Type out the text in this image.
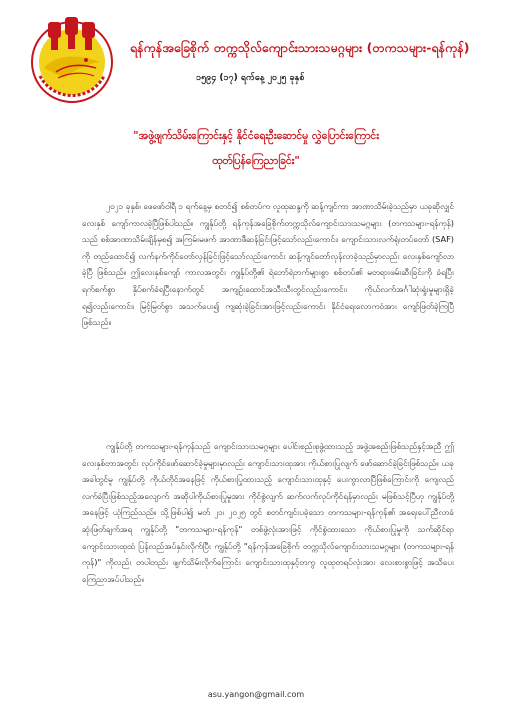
ရန်ကုန်အခြေစိုက် တက္ကသိုလ်ကျောင်းသားသမဂ္ဂများ (တကသများ-ရန်ကုန်)
၁၅၉၄ (၁၇) ရက်နေ့ ၂၀၂၅ ခုနှစ်
"အဖွဲ့ဖျက်သိမ်းကြောင်းနှင့် နိုင်ငံရေးဦးဆောင်မှု လွှဲပြောင်းကြောင်း
ထုတ်ပြန်ကြေညာခြင်း"
၂၀၂၁ ခုနှစ်၊ ဖေဖော်ဝါရီ ၁ ရက်နေ့မှ စတင်၍ စစ်တပ်က လူထုဆန္ဒကို ဆန့်ကျင်ကာ အာဏာသိမ်းခဲ့သည်မှာ ယခုဆိုလျှင် လေးနှစ် ကျော်ကာလခဲ့ပြီဖြစ်ပါသည်။ ကျွန်ုပ်တို့ ရန်ကုန်အခြေစိုက်တက္ကသိုလ်ကျောင်းသားသမဂ္ဂများ (တကသများ-ရန်ကုန်) သည် စစ်အာဏာသိမ်းချိန်မှစ၍ အကြမ်းမဖက် အာဏာဖီဆန်ခြင်းဖြင့်သော်လည်းကောင်း၊ ကျောင်းသားလက်ရုံးတပ်တော် (SAF) ကို တည်ထောင်၍ လက်နက်ကိုင်တော်လှန်ခြင်းဖြင့်သော်လည်းကောင်း ဆန့်ကျင်တော်လှန်လာခဲ့သည်မှာလည်း လေးနှစ်ကျော်လာခဲ့ပြီ ဖြစ်သည်။ ဤလေးနှစ်ကျော် ကာလအတွင်း ကျွန်ုပ်တို့၏ ရဲဘော်ရဲဘက်များစွာ စစ်တပ်၏ မတရားဖမ်းဆီးခြင်းကို ခံရပြီး ရက်စက်စွာ နှိပ်စက်ခံရပြီးနောက်တွင် အကျဉ်းထောင်အသီးသီးတွင်လည်းကောင်း၊ ကိုယ်လက်အင်္ဂါဆုံးရှုံးမှုများရှိခဲ့ရ၍လည်းကောင်း၊ မြင့်မြတ်စွာ အသက်ပေး၍ ကျဆုံးခဲ့ခြင်းအားဖြင့်လည်းကောင်း နိုင်ငံရေးလောကဝံအား ကျော်ဖြတ်ခဲ့ကြပြီ ဖြစ်သည်။
ကျွန်ုပ်တို့ တကသများ-ရန်ကုန်သည် ကျောင်းသားသမဂ္ဂများ ပေါင်းစည်းစုဖွဲ့ထားသည့် အဖွဲ့အစည်းဖြစ်သည်နှင့်အညီ ဤလေးနှစ်တာအတွင်း လုပ်ကိုင်ဖော်ဆောင်ခဲ့မှုများမှာလည်း ကျောင်းသားထုအား ကိုယ်စားပြုလျက် ဖော်ဆောင်ခဲ့ခြင်းဖြစ်သည်။ ယခုအခါတွင်မူ ကျွန်ုပ်တို့ ကိုယ်တိုင်အနေဖြင့် ကိုယ်စားပြုထားသည့် ကျောင်းသားထုနှင့် ပေးကွာလာပြီဖြစ်ကြောင်းကို ကျေလည်လက်ခံပြီးဖြစ်သည့်အလျောက် အဆိုပါကိုယ်စားပြုမှုအား ကိုင်စွဲလျက် ဆက်လက်လုပ်ကိုင်ရန်မှာလည်း မဖြစ်သင့်ပြီဟု ကျွန်ုပ်တို့အနေဖြင့် ယုံကြည်သည်။ သို့ဖြစ်ပါ၍ မတ် ၂၁၊ ၂၀၂၅ တွင် စတင်ကျင်းပခဲ့သော တကသများ-ရန်ကုန်၏ အရေးပေါ်ညီလာခံ ဆုံးဖြတ်ချက်အရ ကျွန်ုပ်တို့ "တကသများ-ရန်ကုန်" တစ်ဖွဲ့လုံးအားဖြင့် ကိုင်စွဲထားသော ကိုယ်စားပြုမှုကို သက်ဆိုင်ရာ ကျောင်းသားထုထံ ပြန်လည်အပ်နှင်းလိုက်ပြီး ကျွန်ုပ်တို့ "ရန်ကုန်အခြေစိုက် တက္ကသိုလ်ကျောင်းသားသမဂ္ဂများ (တကသများ-ရန်ကုန်)" ကိုလည်း တပါတည်း ဖျက်သိမ်းလိုက်ကြောင်း ကျောင်းသားထုနှင့်တကွ လူထုတရပ်လုံးအား လေးစားစွာဖြင့် အသိပေး ကြေညာအပ်ပါသည်။
asu.yangon@gmail.com
